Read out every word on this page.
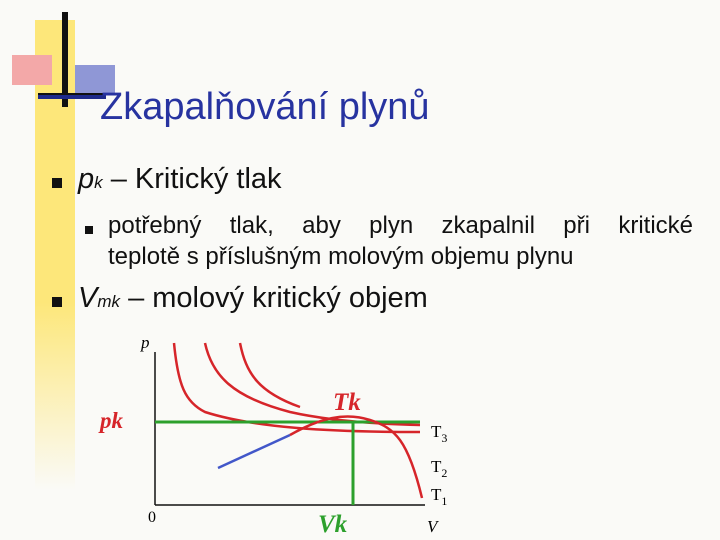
Zkapalňování plynů
pk – Kritický tlak
potřebný tlak, aby plyn zkapalnil při kritické
teplotě s příslušným molovým objemu plynu
Vmk – molový kritický objem
p
pk
Tk
0	Vk	V
$T_3$
$T_2$
$T_1$
